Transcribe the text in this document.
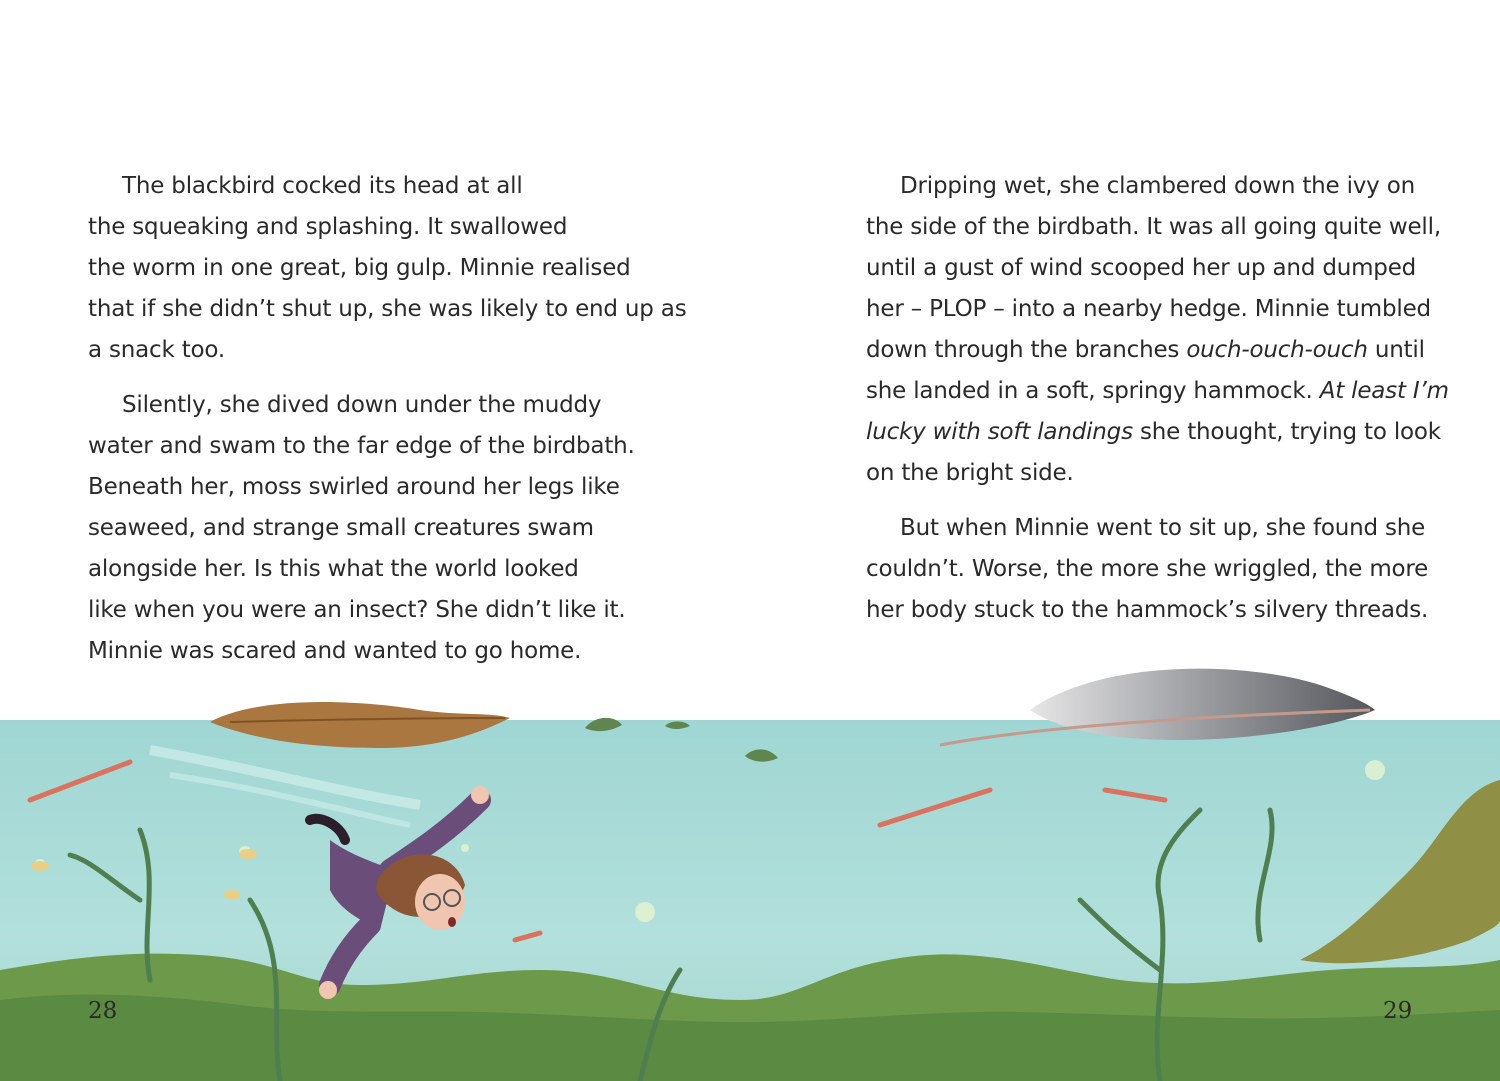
The blackbird cocked its head at all
the squeaking and splashing. It swallowed
the worm in one great, big gulp. Minnie realised
that if she didn’t shut up, she was likely to end up as
a snack too.

Silently, she dived down under the muddy
water and swam to the far edge of the birdbath.
Beneath her, moss swirled around her legs like
seaweed, and strange small creatures swam
alongside her. Is this what the world looked
like when you were an insect? She didn’t like it.
Minnie was scared and wanted to go home.

28

Dripping wet, she clambered down the ivy on
the side of the birdbath. It was all going quite well,
until a gust of wind scooped her up and dumped
her – PLOP – into a nearby hedge. Minnie tumbled
down through the branches ouch-ouch-ouch until
she landed in a soft, springy hammock. At least I’m
lucky with soft landings she thought, trying to look
on the bright side.

But when Minnie went to sit up, she found she
couldn’t. Worse, the more she wriggled, the more
her body stuck to the hammock’s silvery threads.

29
